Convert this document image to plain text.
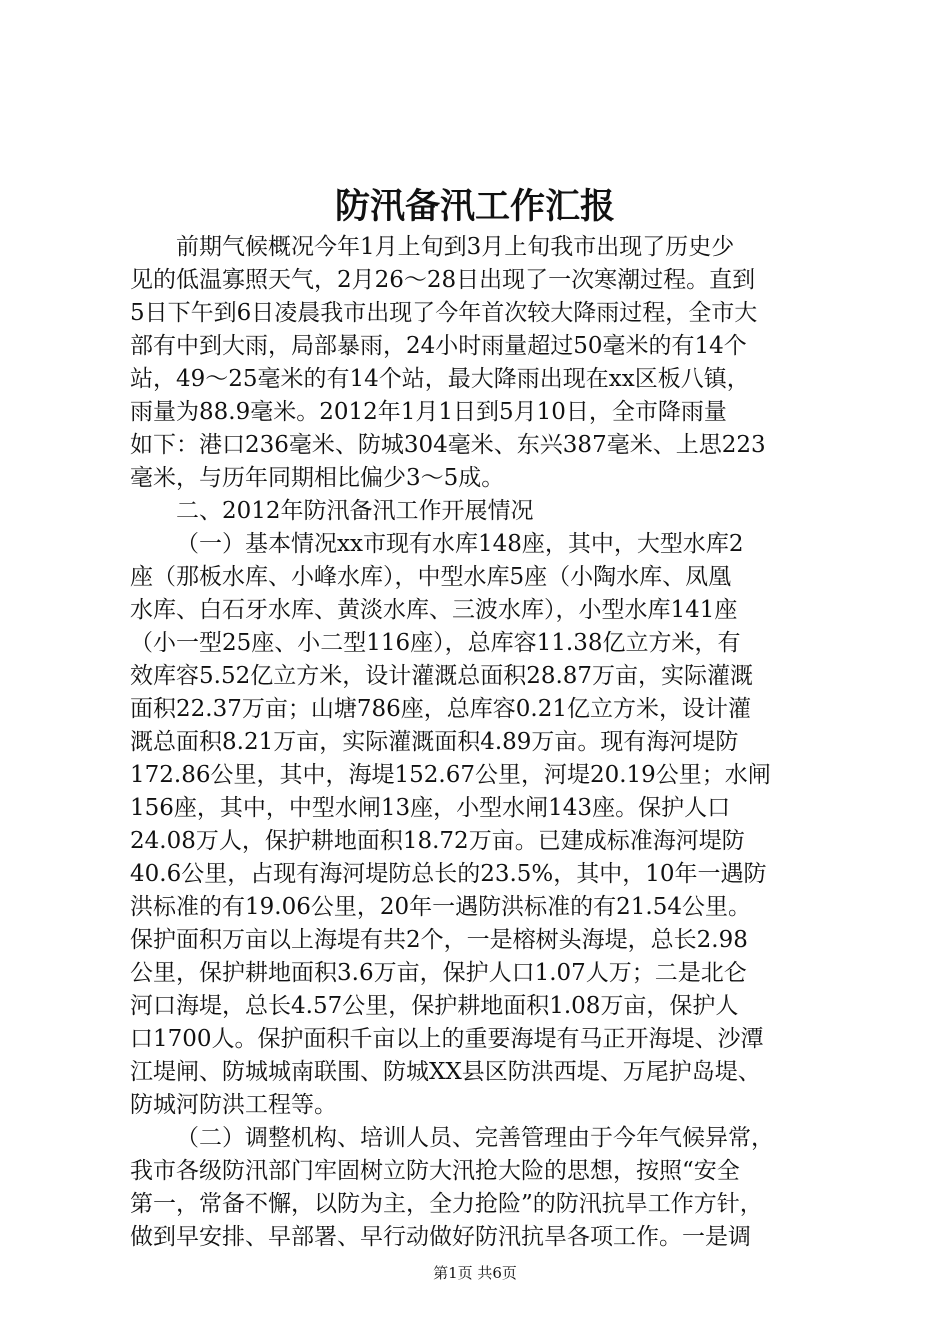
防汛备汛工作汇报
前期气候概况今年1月上旬到3月上旬我市出现了历史少
见的低温寡照天气，2月26～28日出现了一次寒潮过程。直到
5日下午到6日凌晨我市出现了今年首次较大降雨过程，全市大
部有中到大雨，局部暴雨，24小时雨量超过50毫米的有14个
站，49～25毫米的有14个站，最大降雨出现在xx区板八镇，
雨量为88.9毫米。2012年1月1日到5月10日，全市降雨量
如下：港口236毫米、防城304毫米、东兴387毫米、上思223
毫米，与历年同期相比偏少3～5成。
二、2012年防汛备汛工作开展情况
（一）基本情况xx市现有水库148座，其中，大型水库2
座（那板水库、小峰水库），中型水库5座（小陶水库、凤凰
水库、白石牙水库、黄淡水库、三波水库），小型水库141座
（小一型25座、小二型116座），总库容11.38亿立方米，有
效库容5.52亿立方米，设计灌溉总面积28.87万亩，实际灌溉
面积22.37万亩；山塘786座，总库容0.21亿立方米，设计灌
溉总面积8.21万亩，实际灌溉面积4.89万亩。现有海河堤防
172.86公里，其中，海堤152.67公里，河堤20.19公里；水闸
156座，其中，中型水闸13座，小型水闸143座。保护人口
24.08万人，保护耕地面积18.72万亩。已建成标准海河堤防
40.6公里，占现有海河堤防总长的23.5%，其中，10年一遇防
洪标准的有19.06公里，20年一遇防洪标准的有21.54公里。
保护面积万亩以上海堤有共2个，一是榕树头海堤，总长2.98
公里，保护耕地面积3.6万亩，保护人口1.07人万；二是北仑
河口海堤，总长4.57公里，保护耕地面积1.08万亩，保护人
口1700人。保护面积千亩以上的重要海堤有马正开海堤、沙潭
江堤闸、防城城南联围、防城XX县区防洪西堤、万尾护岛堤、
防城河防洪工程等。
（二）调整机构、培训人员、完善管理由于今年气候异常，
我市各级防汛部门牢固树立防大汛抢大险的思想，按照“安全
第一，常备不懈，以防为主，全力抢险”的防汛抗旱工作方针，
做到早安排、早部署、早行动做好防汛抗旱各项工作。一是调
第1页 共6页
